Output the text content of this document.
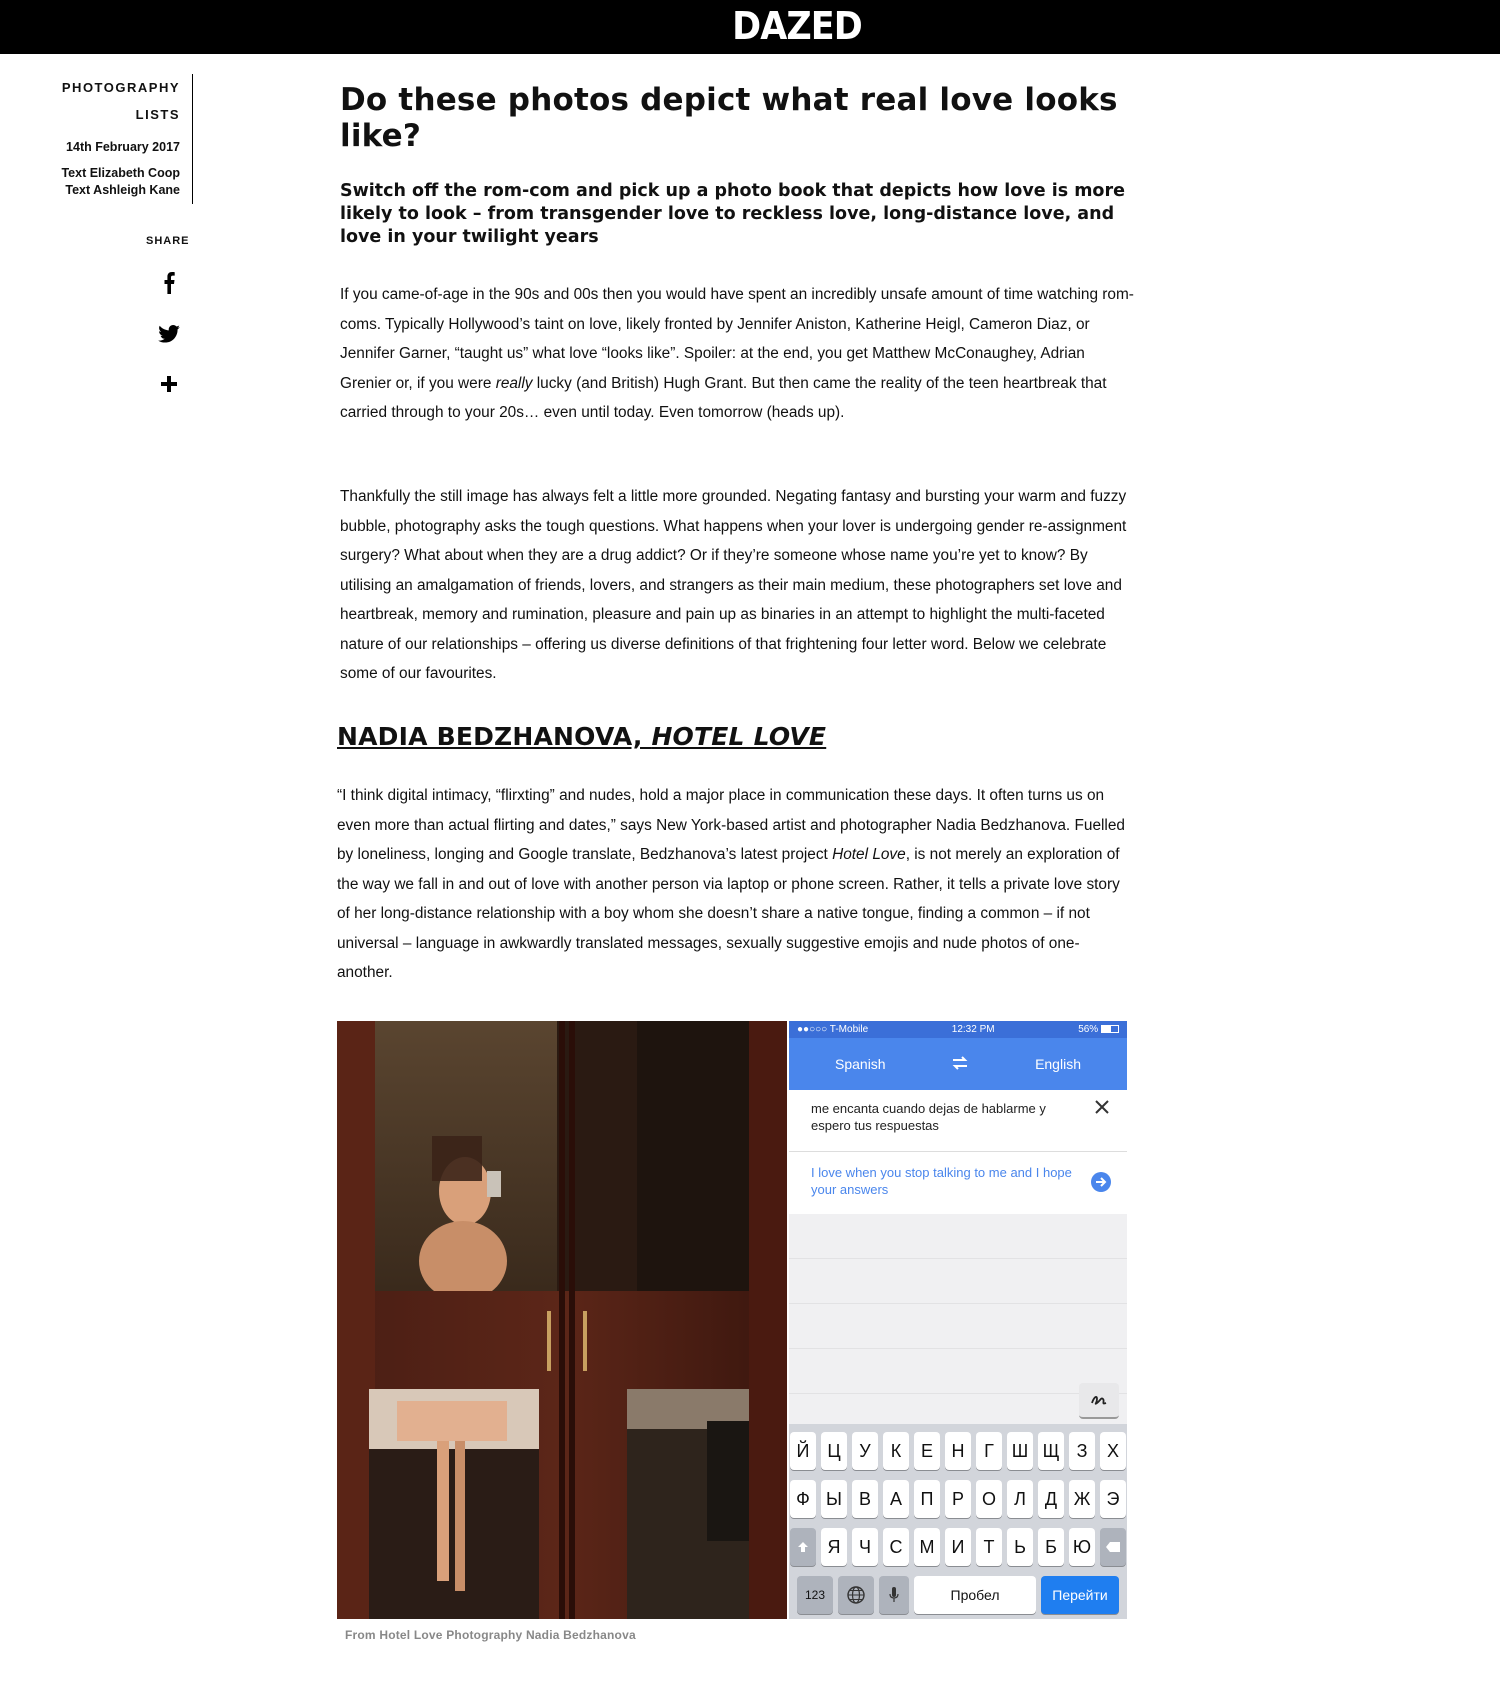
DAZED
PHOTOGRAPHY
LISTS
14th February 2017
Text Elizabeth Coop
Text Ashleigh Kane
SHARE
Do these photos depict what real love looks like?

Switch off the rom-com and pick up a photo book that depicts how love is more likely to look – from transgender love to reckless love, long-distance love, and love in your twilight years

If you came-of-age in the 90s and 00s then you would have spent an incredibly unsafe amount of time watching rom-coms. Typically Hollywood’s taint on love, likely fronted by Jennifer Aniston, Katherine Heigl, Cameron Diaz, or Jennifer Garner, “taught us” what love “looks like”. Spoiler: at the end, you get Matthew McConaughey, Adrian Grenier or, if you were really lucky (and British) Hugh Grant. But then came the reality of the teen heartbreak that carried through to your 20s… even until today. Even tomorrow (heads up).

Thankfully the still image has always felt a little more grounded. Negating fantasy and bursting your warm and fuzzy bubble, photography asks the tough questions. What happens when your lover is undergoing gender re-assignment surgery? What about when they are a drug addict? Or if they’re someone whose name you’re yet to know? By utilising an amalgamation of friends, lovers, and strangers as their main medium, these photographers set love and heartbreak, memory and rumination, pleasure and pain up as binaries in an attempt to highlight the multi-faceted nature of our relationships – offering us diverse definitions of that frightening four letter word. Below we celebrate some of our favourites.

NADIA BEDZHANOVA, HOTEL LOVE

“I think digital intimacy, “flirxting” and nudes, hold a major place in communication these days. It often turns us on even more than actual flirting and dates,” says New York-based artist and photographer Nadia Bedzhanova. Fuelled by loneliness, longing and Google translate, Bedzhanova’s latest project Hotel Love, is not merely an exploration of the way we fall in and out of love with another person via laptop or phone screen. Rather, it tells a private love story of her long-distance relationship with a boy whom she doesn’t share a native tongue, finding a common – if not universal – language in awkwardly translated messages, sexually suggestive emojis and nude photos of one-another.

●●○○○ T-Mobile	12:32 PM	56%
Spanish	English
me encanta cuando dejas de hablarme y espero tus respuestas
I love when you stop talking to me and I hope your answers
Й Ц	У	К	Е	Н	Г Ш Щ З	Х
Ф Ы В	А	П	Р О	Л	Д Ж Э
Я	Ч	С М И	Т	Ь	Б Ю
123	Пробел	Перейти
From Hotel Love Photography Nadia Bedzhanova
